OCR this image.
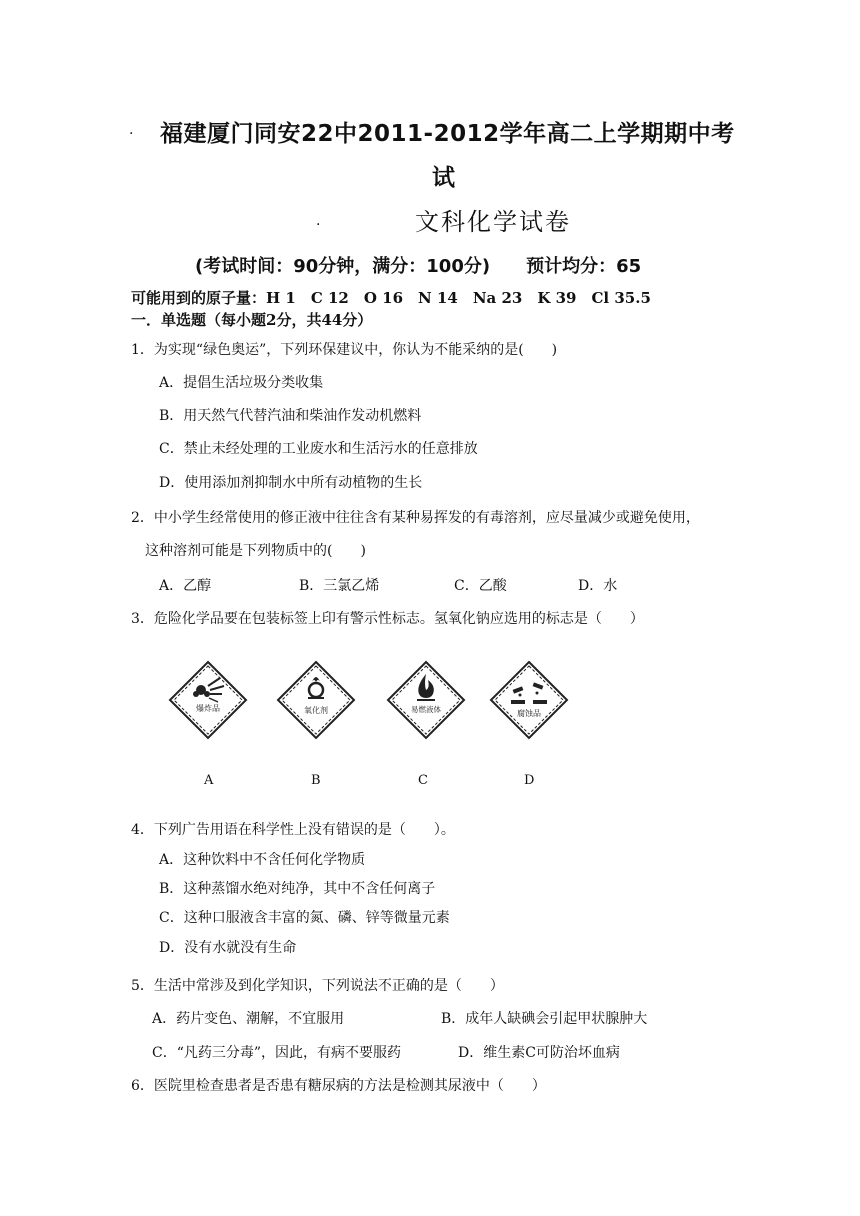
. 福建厦门同安22中2011-2012学年高二上学期期中考
试
.	文科化学试卷
(考试时间：90分钟，满分：100分)　　预计均分：65
可能用到的原子量：H 1　C 12　O 16　N 14　Na 23　K 39　Cl 35.5
一．单选题（每小题2分，共44分）
1．为实现“绿色奥运”，下列环保建议中，你认为不能采纳的是(　　)
A．提倡生活垃圾分类收集
B．用天然气代替汽油和柴油作发动机燃料
C．禁止未经处理的工业废水和生活污水的任意排放
D．使用添加剂抑制水中所有动植物的生长
2．中小学生经常使用的修正液中往往含有某种易挥发的有毒溶剂，应尽量减少或避免使用，
这种溶剂可能是下列物质中的(　　)
A．乙醇	B．三氯乙烯	C．乙酸	D．水
3．危险化学品要在包装标签上印有警示性标志。氢氧化钠应选用的标志是（　　）
爆炸品	氧化剂	易燃液体	腐蚀品
A	B	C	D
4．下列广告用语在科学性上没有错误的是（　　）。
A．这种饮料中不含任何化学物质
B．这种蒸馏水绝对纯净，其中不含任何离子
C．这种口服液含丰富的氮、磷、锌等微量元素
D．没有水就没有生命
5．生活中常涉及到化学知识，下列说法不正确的是（　　）
A．药片变色、潮解，不宜服用	B．成年人缺碘会引起甲状腺肿大
C．“凡药三分毒”，因此，有病不要服药	D．维生素C可防治坏血病
6．医院里检查患者是否患有糖尿病的方法是检测其尿液中（　　）
